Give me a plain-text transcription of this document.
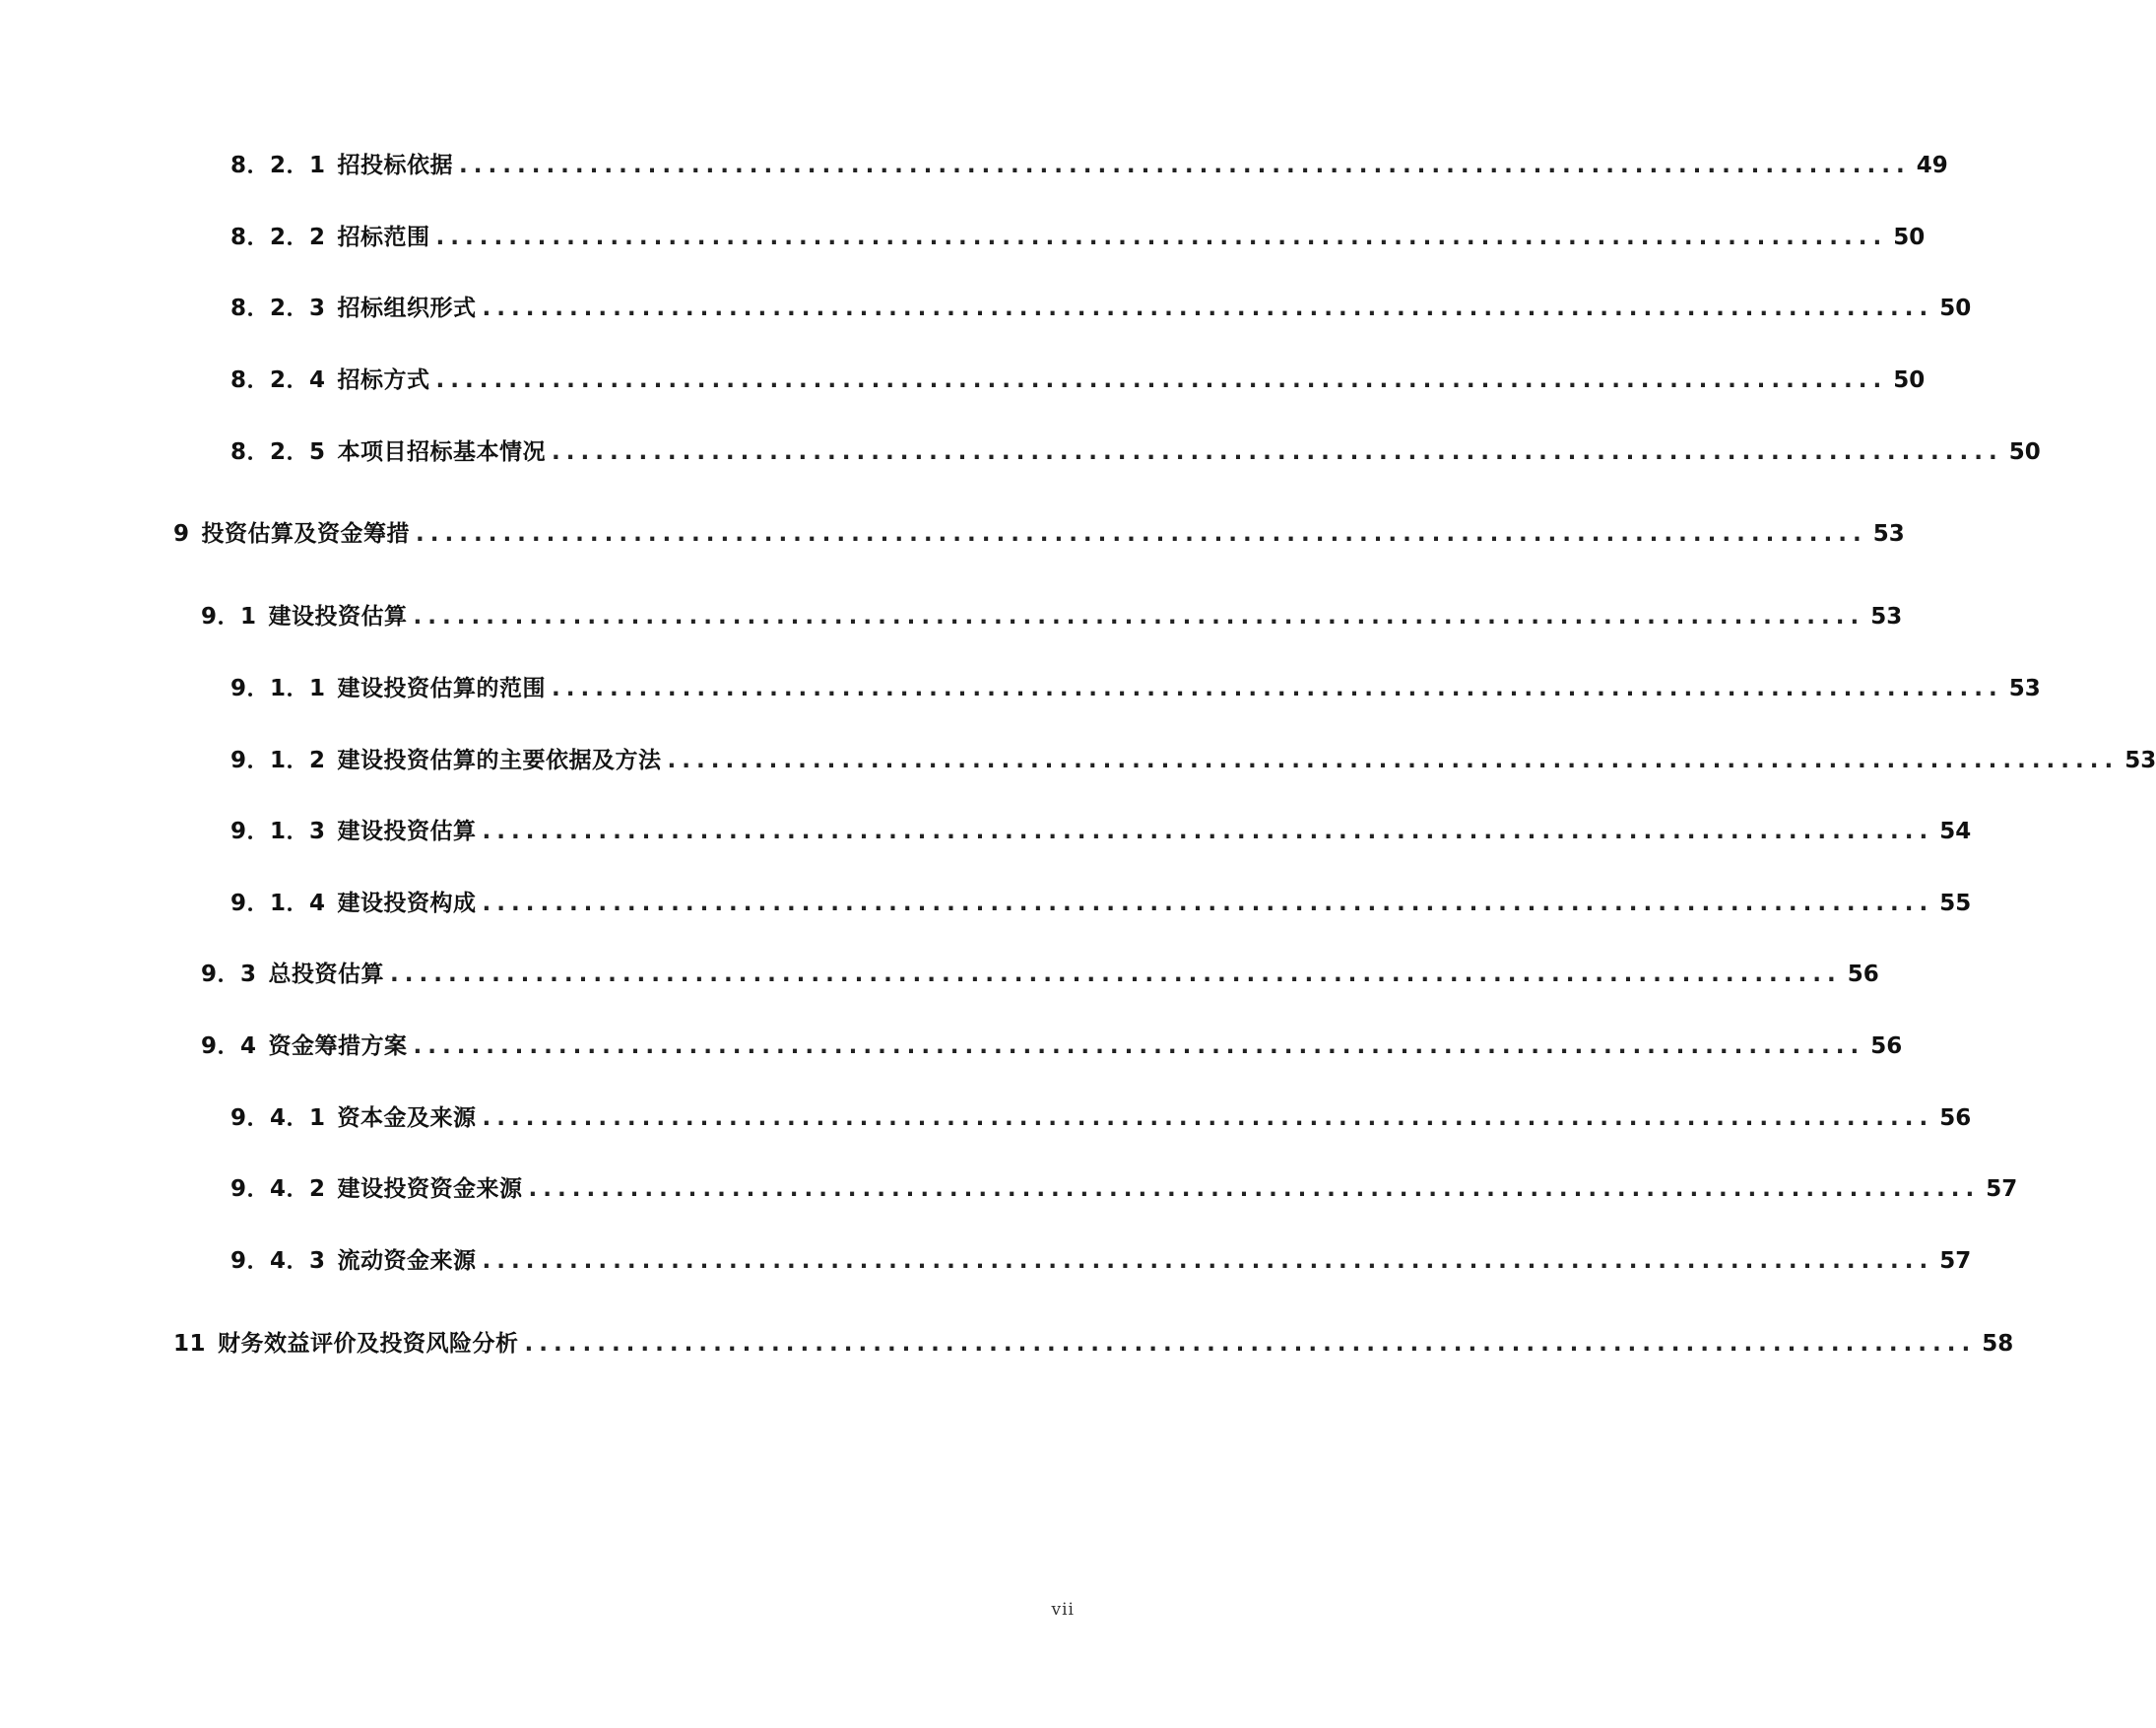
8．2．1 招投标依据 .................................................................................................... 49
8．2．2 招标范围 .................................................................................................... 50
8．2．3 招标组织形式 .................................................................................................... 50
8．2．4 招标方式 .................................................................................................... 50
8．2．5 本项目招标基本情况 .................................................................................................... 50
9 投资估算及资金筹措 .................................................................................................... 53
9．1 建设投资估算 .................................................................................................... 53
9．1．1 建设投资估算的范围 .................................................................................................... 53
9．1．2 建设投资估算的主要依据及方法 .................................................................................................... 53
9．1．3 建设投资估算 .................................................................................................... 54
9．1．4 建设投资构成 .................................................................................................... 55
9．3 总投资估算 .................................................................................................... 56
9．4 资金筹措方案 .................................................................................................... 56
9．4．1 资本金及来源 .................................................................................................... 56
9．4．2 建设投资资金来源 .................................................................................................... 57
9．4．3 流动资金来源 .................................................................................................... 57
11 财务效益评价及投资风险分析 .................................................................................................... 58
vii
